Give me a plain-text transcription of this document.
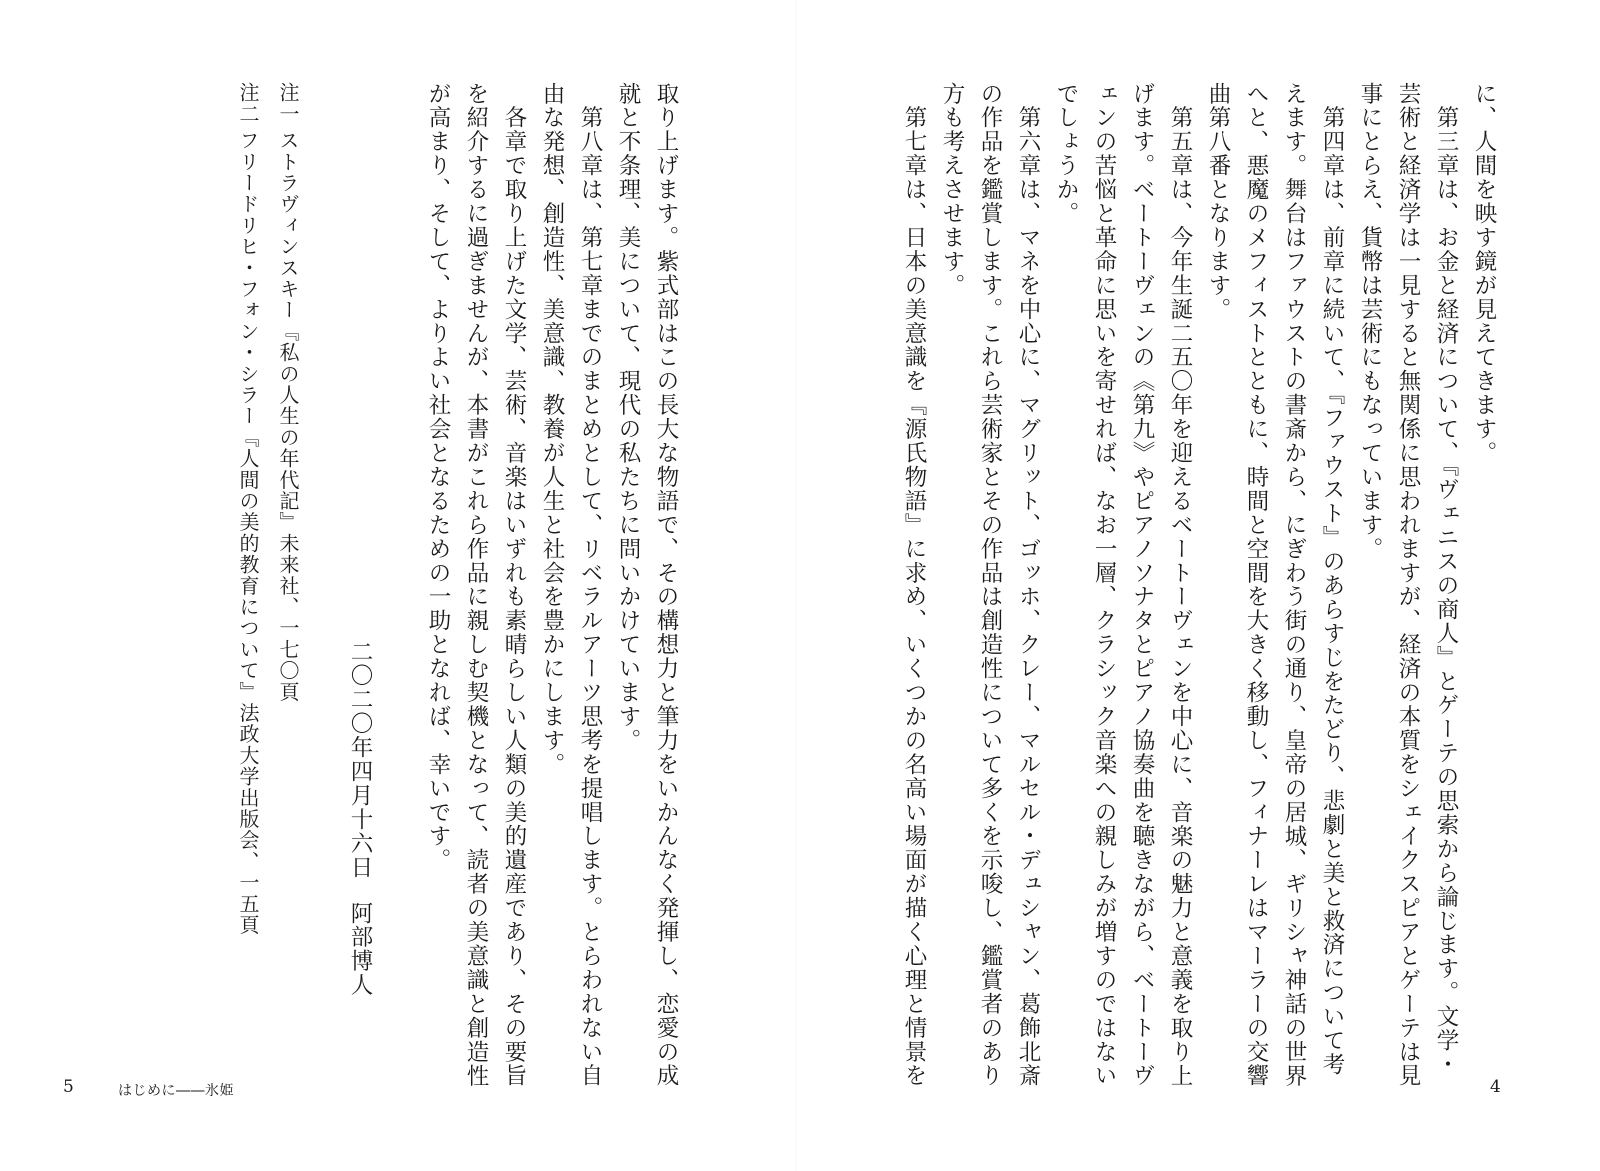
に、人間を映す鏡が見えてきます。
　第三章は、お金と経済について、『ヴェニスの商人』とゲーテの思索から論じます。文学・
芸術と経済学は一見すると無関係に思われますが、経済の本質をシェイクスピアとゲーテは見
事にとらえ、貨幣は芸術にもなっています。
　第四章は、前章に続いて、『ファウスト』のあらすじをたどり、悲劇と美と救済について考
えます。舞台はファウストの書斎から、にぎわう街の通り、皇帝の居城、ギリシャ神話の世界
へと、悪魔のメフィストとともに、時間と空間を大きく移動し、フィナーレはマーラーの交響
曲第八番となります。
　第五章は、今年生誕二五〇年を迎えるベートーヴェンを中心に、音楽の魅力と意義を取り上
げます。ベートーヴェンの《第九》やピアノソナタとピアノ協奏曲を聴きながら、ベートーヴ
ェンの苦悩と革命に思いを寄せれば、なお一層、クラシック音楽への親しみが増すのではない
でしょうか。
　第六章は、マネを中心に、マグリット、ゴッホ、クレー、マルセル・デュシャン、葛飾北斎
の作品を鑑賞します。これら芸術家とその作品は創造性について多くを示唆し、鑑賞者のあり
方も考えさせます。
　第七章は、日本の美意識を『源氏物語』に求め、いくつかの名高い場面が描く心理と情景を
取り上げます。紫式部はこの長大な物語で、その構想力と筆力をいかんなく発揮し、恋愛の成
就と不条理、美について、現代の私たちに問いかけています。
　第八章は、第七章までのまとめとして、リベラルアーツ思考を提唱します。とらわれない自
由な発想、創造性、美意識、教養が人生と社会を豊かにします。
　各章で取り上げた文学、芸術、音楽はいずれも素晴らしい人類の美的遺産であり、その要旨
を紹介するに過ぎませんが、本書がこれら作品に親しむ契機となって、読者の美意識と創造性
が高まり、そして、よりよい社会となるための一助となれば、幸いです。
二〇二〇年四月十六日阿部博人
注一ストラヴィンスキー『私の人生の年代記』未来社、一七〇頁
注二フリードリヒ・フォン・シラー『人間の美的教育について』法政大学出版会、一五頁
5	はじめに――氷姫	4
